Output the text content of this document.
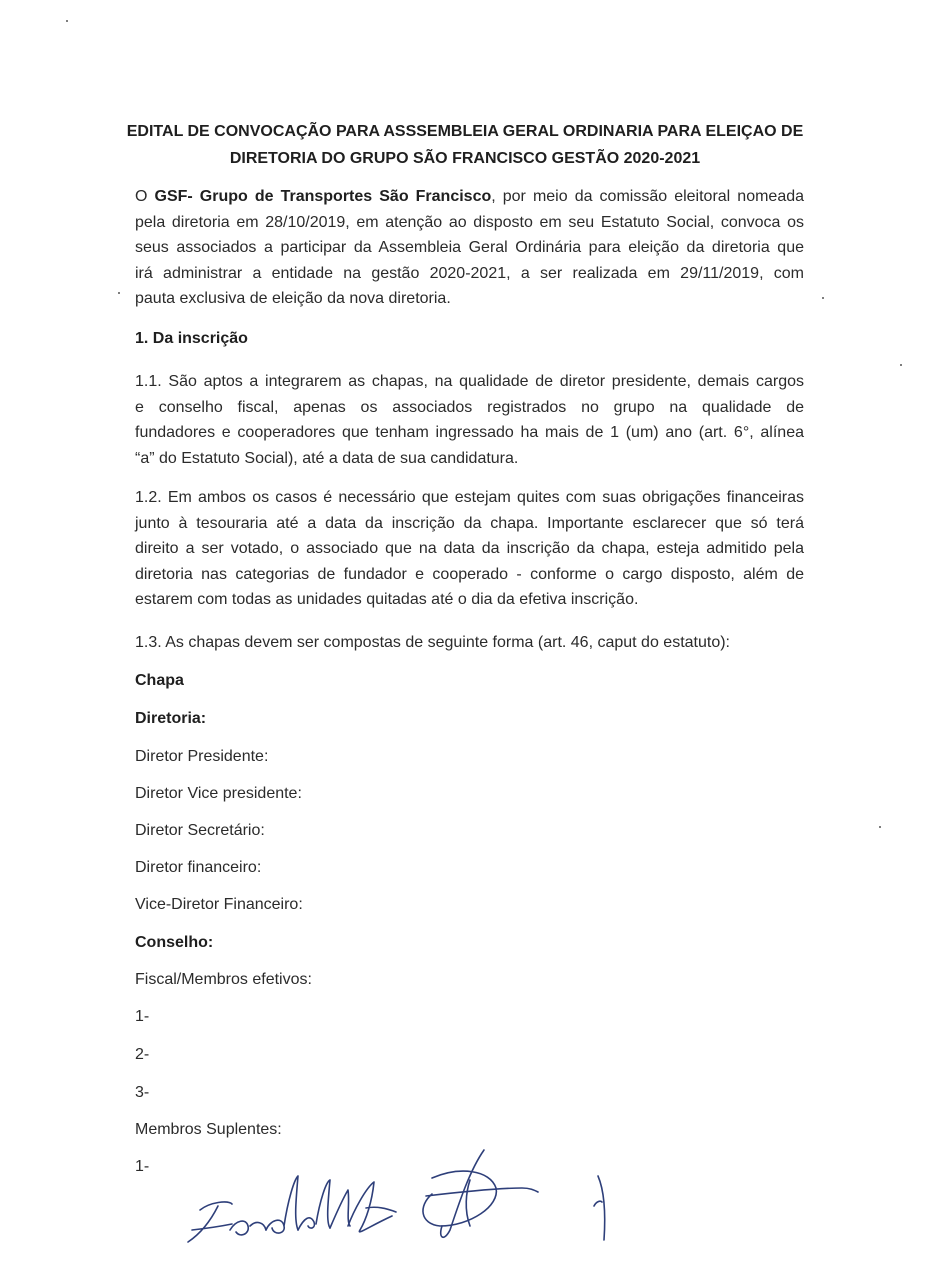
EDITAL DE CONVOCAÇÃO PARA ASSSEMBLEIA GERAL ORDINARIA PARA ELEIÇAO DE
DIRETORIA DO GRUPO SÃO FRANCISCO GESTÃO 2020-2021
O GSF- Grupo de Transportes São Francisco, por meio da comissão eleitoral nomeada
pela diretoria em 28/10/2019, em atenção ao disposto em seu Estatuto Social, convoca os
seus associados a participar da Assembleia Geral Ordinária para eleição da diretoria que
irá administrar a entidade na gestão 2020-2021, a ser realizada em 29/11/2019, com
pauta exclusiva de eleição da nova diretoria.
1. Da inscrição
1.1. São aptos a integrarem as chapas, na qualidade de diretor presidente, demais cargos
e conselho fiscal, apenas os associados registrados no grupo na qualidade de
fundadores e cooperadores que tenham ingressado ha mais de 1 (um) ano (art. 6°, alínea
“a” do Estatuto Social), até a data de sua candidatura.
1.2. Em ambos os casos é necessário que estejam quites com suas obrigações financeiras
junto à tesouraria até a data da inscrição da chapa. Importante esclarecer que só terá
direito a ser votado, o associado que na data da inscrição da chapa, esteja admitido pela
diretoria nas categorias de fundador e cooperado - conforme o cargo disposto, além de
estarem com todas as unidades quitadas até o dia da efetiva inscrição.
1.3. As chapas devem ser compostas de seguinte forma (art. 46, caput do estatuto):
Chapa
Diretoria:
Diretor Presidente:
Diretor Vice presidente:
Diretor Secretário:
Diretor financeiro:
Vice-Diretor Financeiro:
Conselho:
Fiscal/Membros efetivos:
1-
2-
3-
Membros Suplentes:
1-
